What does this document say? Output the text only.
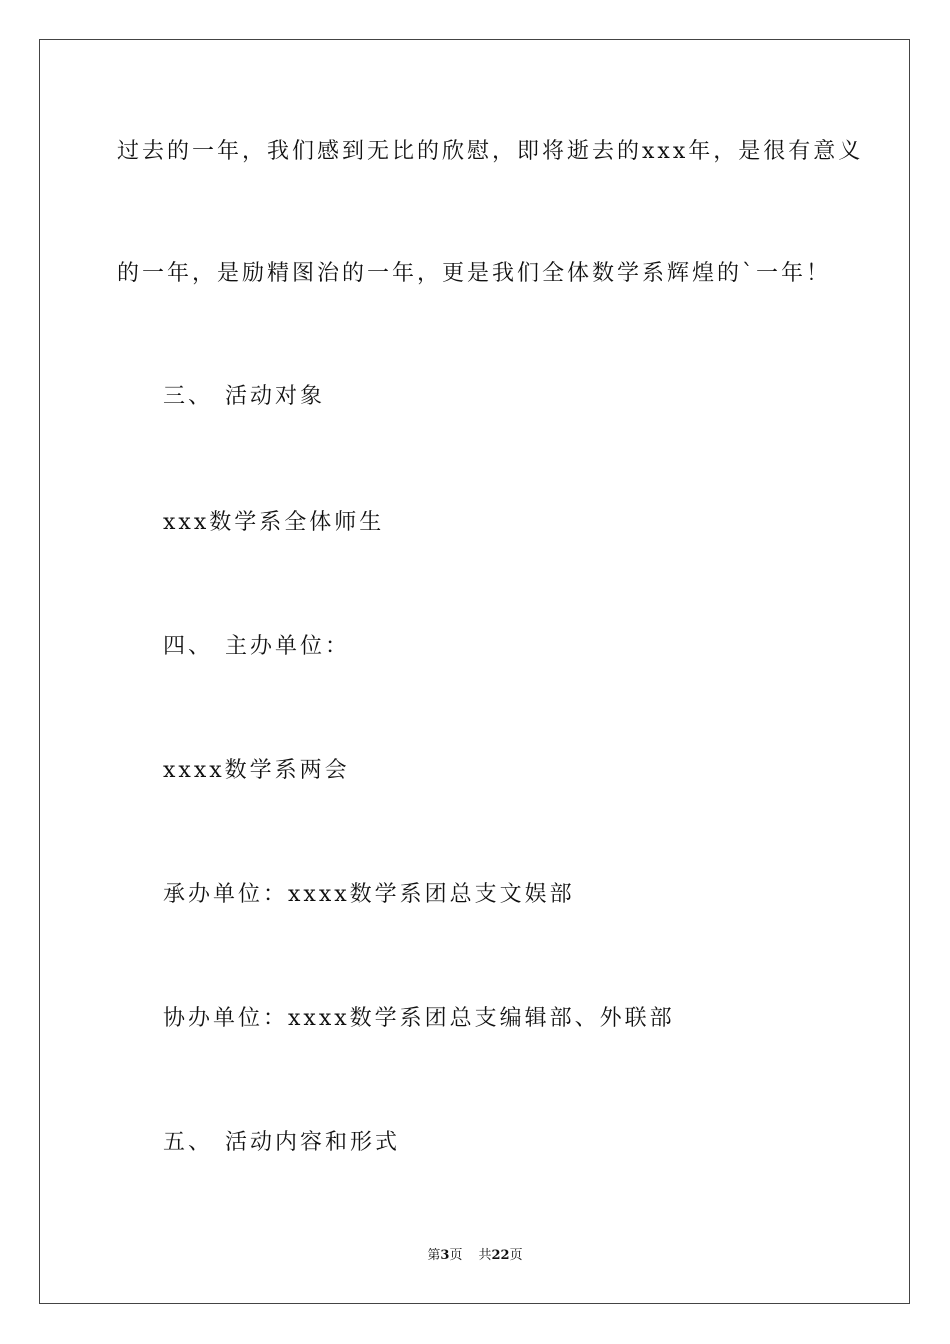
过去的一年，我们感到无比的欣慰，即将逝去的xxx年，是很有意义
的一年，是励精图治的一年，更是我们全体数学系辉煌的`一年！
三、 活动对象
xxx数学系全体师生
四、 主办单位：
xxxx数学系两会
承办单位：xxxx数学系团总支文娱部
协办单位：xxxx数学系团总支编辑部、外联部
五、 活动内容和形式
第3页 共22页
